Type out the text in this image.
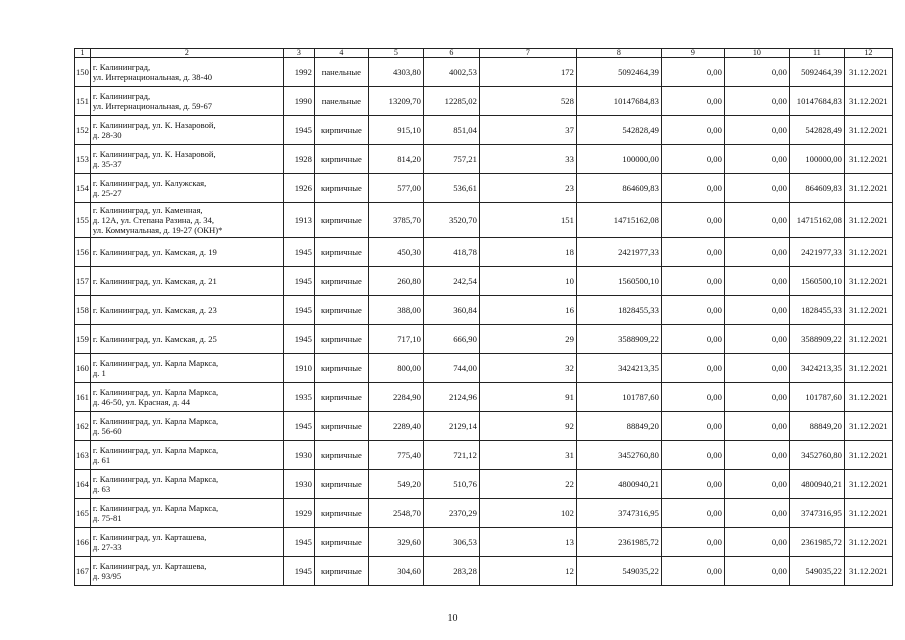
1	2	3	4	5	6	7	8	9	10	11	12
150	г. Калининград,
ул. Интернациональная, д. 38-40	1992	панельные	4303,80	4002,53	172	5092464,39	0,00	0,00	5092464,39	31.12.2021
151	г. Калининград,
ул. Интернациональная, д. 59-67	1990	панельные	13209,70	12285,02	528	10147684,83	0,00	0,00	10147684,83	31.12.2021
152	г. Калининград, ул. К. Назаровой,
д. 28-30	1945	кирпичные	915,10	851,04	37	542828,49	0,00	0,00	542828,49	31.12.2021
153	г. Калининград, ул. К. Назаровой,
д. 35-37	1928	кирпичные	814,20	757,21	33	100000,00	0,00	0,00	100000,00	31.12.2021
154	г. Калининград, ул. Калужская,
д. 25-27	1926	кирпичные	577,00	536,61	23	864609,83	0,00	0,00	864609,83	31.12.2021
155	г. Калининград, ул. Каменная,
д. 12А, ул. Степана Разина, д. 34,
ул. Коммунальная, д. 19-27 (ОКН)*	1913	кирпичные	3785,70	3520,70	151	14715162,08	0,00	0,00	14715162,08	31.12.2021
156	г. Калининград, ул. Камская, д. 19	1945	кирпичные	450,30	418,78	18	2421977,33	0,00	0,00	2421977,33	31.12.2021
157	г. Калининград, ул. Камская, д. 21	1945	кирпичные	260,80	242,54	10	1560500,10	0,00	0,00	1560500,10	31.12.2021
158	г. Калининград, ул. Камская, д. 23	1945	кирпичные	388,00	360,84	16	1828455,33	0,00	0,00	1828455,33	31.12.2021
159	г. Калининград, ул. Камская, д. 25	1945	кирпичные	717,10	666,90	29	3588909,22	0,00	0,00	3588909,22	31.12.2021
160	г. Калининград, ул. Карла Маркса,
д. 1	1910	кирпичные	800,00	744,00	32	3424213,35	0,00	0,00	3424213,35	31.12.2021
161	г. Калининград, ул. Карла Маркса,
д. 46-50, ул. Красная, д. 44	1935	кирпичные	2284,90	2124,96	91	101787,60	0,00	0,00	101787,60	31.12.2021
162	г. Калининград, ул. Карла Маркса,
д. 56-60	1945	кирпичные	2289,40	2129,14	92	88849,20	0,00	0,00	88849,20	31.12.2021
163	г. Калининград, ул. Карла Маркса,
д. 61	1930	кирпичные	775,40	721,12	31	3452760,80	0,00	0,00	3452760,80	31.12.2021
164	г. Калининград, ул. Карла Маркса,
д. 63	1930	кирпичные	549,20	510,76	22	4800940,21	0,00	0,00	4800940,21	31.12.2021
165	г. Калининград, ул. Карла Маркса,
д. 75-81	1929	кирпичные	2548,70	2370,29	102	3747316,95	0,00	0,00	3747316,95	31.12.2021
166	г. Калининград, ул. Карташева,
д. 27-33	1945	кирпичные	329,60	306,53	13	2361985,72	0,00	0,00	2361985,72	31.12.2021
167	г. Калининград, ул. Карташева,
д. 93/95	1945	кирпичные	304,60	283,28	12	549035,22	0,00	0,00	549035,22	31.12.2021
10
